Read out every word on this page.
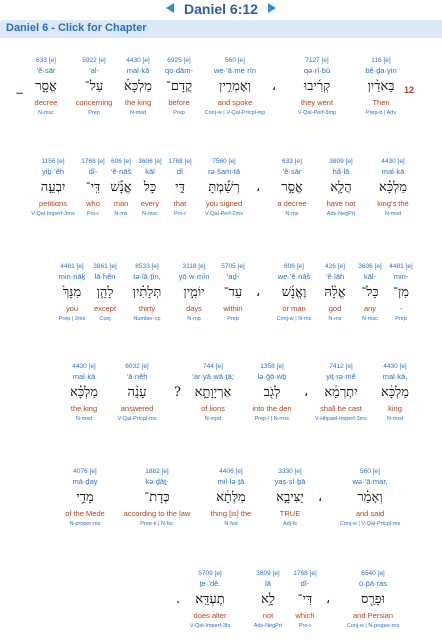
Daniel 6:12
Daniel 6 - Click for Chapter
–
633 [e]
’ĕ·sār
אֱסָ֑ר
decree
N-msc
5922 [e]
‘al-
עַל־
concerning
Prep
4430 [e]
mal·kā
מַלְכָּא֒
the king
N-msd
6925 [e]
qo·dām-
קֳדָם־
before
Prep
560 [e]
we·’ā·me·rîn
וְאָמְרִ֣ין
and spoke
Conj-w | V-Qal-Prtcpl-mp
،
7127 [e]
qə·rî·bū
קְרִ֜יבוּ
they went
V-Qal-Perf-3mp
116 [e]
bê·ḏa·yin
בֵּאדַ֨יִן
Then
Prep-b | Adv
12
1156 [e]
yiḇ·‘êh
יִבְעֵ֣ה
petitions
V-Qal-Imperf-3ms
1768 [e]
dî-
דִּֽי־
who
Pro-r
606 [e]
’ĕ·nāš
אֱנָ֡שׁ
man
N-ms
3606 [e]
kāl
כָּל
every
N-msc
1768 [e]
dî
דִּ֣י
that
Pro-r
7560 [e]
rə·šam·tā
רְשַׁ֡מְתָּ
you signed
V-Qal-Perf-2ms
،
633 [e]
’ĕ·sār
אֱסָ֣ר
a decree
N-ms
3809 [e]
hă·lā
הֲלָ֧א
have not
Adv-NegPrt
4430 [e]
mal·kā
מַלְכָּ֗א
king's the
N-msd
4481 [e]
min·nāḵ
מִנָּךְ֙
you
Prep | 2ms
3861 [e]
lā·hên
לָהֵ֤ן
except
Conj
8533 [e]
tə·lā·ṯîn,
תְּלָתִ֗ין
thirty
Number-cp
3118 [e]
yō·w·mîn
יוֹמִ֣ין
days
N-mp
5705 [e]
‘aḏ-
עַד־
within
Prep
،
606 [e]
we·’ĕ·nāš
וֶאֱנָ֜שׁ
or man
Conj-w | N-ms
426 [e]
’ĕ·lāh
אֱלָ֨הּ
god
N-ms
3606 [e]
kāl-
כָּל־
any
N-msc
4481 [e]
min-
מִן־
-
Prep
4430 [e]
mal·kā
מַלְכָּ֗א
the king
N-msd
6032 [e]
‘ā·nêh
עָנֵ֨ה
answered
V-Qal-Prtcpl-ms
?
744 [e]
’ar·yā·wā·ṯā;
אַרְיָוָתָ֑א
of lions
N-mpd
1358 [e]
lə·ḡō·wḇ
לְגֹ֖ב
into the den
Prep-l | N-msc
،
7412 [e]
yiṯ·rə·mê
יִתְרְמֵ֔א
shall be cast
V-Hitpael-Imperf-3ms
4430 [e]
mal·kā,
מַלְכָּ֔א
king
N-msd
4076 [e]
mā·ḏay
מָדַ֥י
of the Mede
N-proper-ms
1882 [e]
kə·ḏāṯ-
כְּדָת־
according to the law
Prep-k | N-fsc
4406 [e]
mil·lə·ṯā
מִלְּתָ֔א
thing [is] the
N-fsd
3330 [e]
yaṣ·ṣî·ḇā
יַצִּיבָ֣א
TRUE
Adj-fs
،
560 [e]
wə·’ā·mar,
וְאָמַ֗ר
and said
Conj-w | V-Qal-Prtcpl-ms
.
5709 [e]
ṯe·‘dê.
תֶעְדֵּֽא׃
does alter
V-Qal-Imperf-3fs
3809 [e]
lā
לָ֥א
not
Adv-NegPrt
1768 [e]
dî-
דִּי־
which
Pro-r
،
6540 [e]
ū·p̄ā·ras
וּפָרַ֖ס
and Persian
Conj-w | N-proper-ms
